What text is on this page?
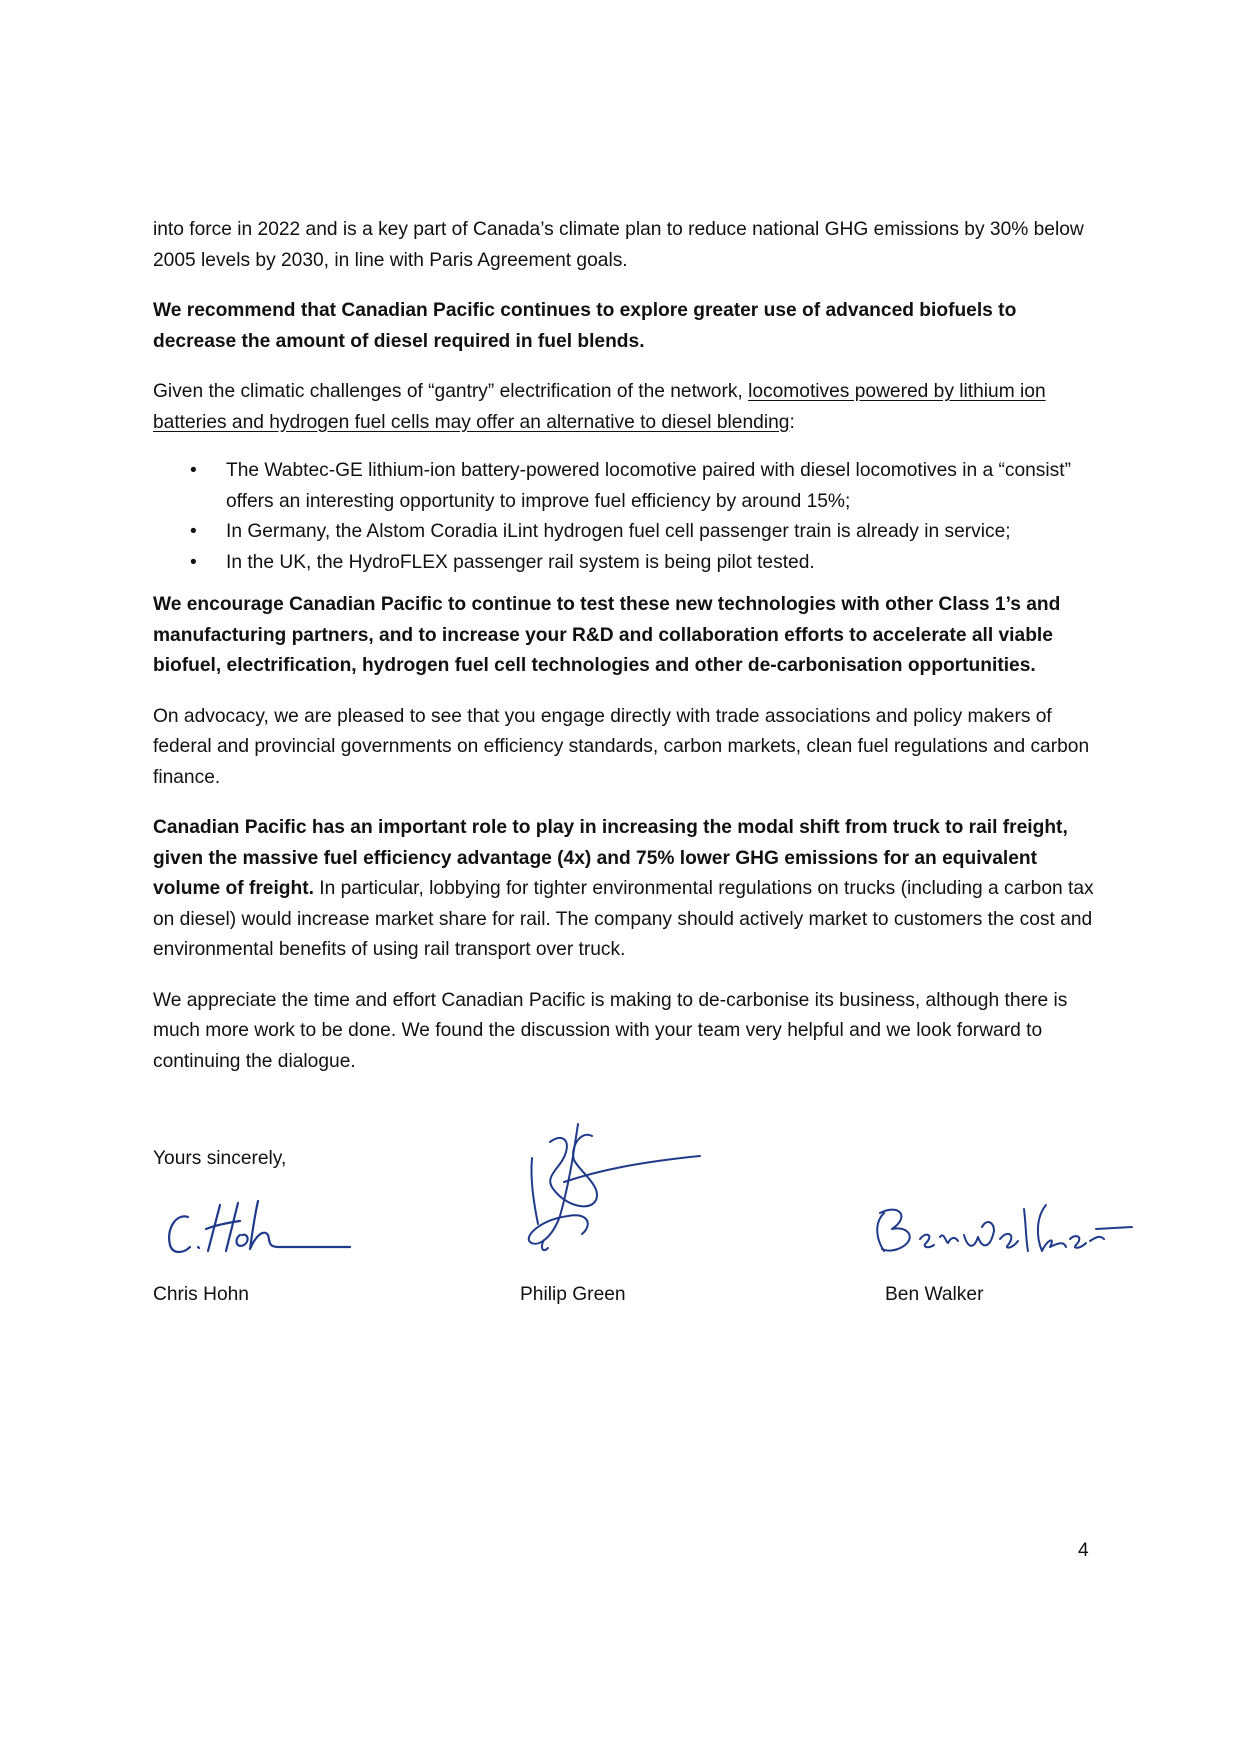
into force in 2022 and is a key part of Canada’s climate plan to reduce national GHG emissions by 30% below 2005 levels by 2030, in line with Paris Agreement goals.

We recommend that Canadian Pacific continues to explore greater use of advanced biofuels to decrease the amount of diesel required in fuel blends.

Given the climatic challenges of “gantry” electrification of the network, locomotives powered by lithium ion batteries and hydrogen fuel cells may offer an alternative to diesel blending:

• The Wabtec-GE lithium-ion battery-powered locomotive paired with diesel locomotives in a “consist” offers an interesting opportunity to improve fuel efficiency by around 15%;
• In Germany, the Alstom Coradia iLint hydrogen fuel cell passenger train is already in service;
• In the UK, the HydroFLEX passenger rail system is being pilot tested.

We encourage Canadian Pacific to continue to test these new technologies with other Class 1’s and manufacturing partners, and to increase your R&D and collaboration efforts to accelerate all viable biofuel, electrification, hydrogen fuel cell technologies and other de-carbonisation opportunities.

On advocacy, we are pleased to see that you engage directly with trade associations and policy makers of federal and provincial governments on efficiency standards, carbon markets, clean fuel regulations and carbon finance.

Canadian Pacific has an important role to play in increasing the modal shift from truck to rail freight, given the massive fuel efficiency advantage (4x) and 75% lower GHG emissions for an equivalent volume of freight. In particular, lobbying for tighter environmental regulations on trucks (including a carbon tax on diesel) would increase market share for rail. The company should actively market to customers the cost and environmental benefits of using rail transport over truck.

We appreciate the time and effort Canadian Pacific is making to de-carbonise its business, although there is much more work to be done. We found the discussion with your team very helpful and we look forward to continuing the dialogue.

Yours sincerely,
Chris Hohn	Philip Green	Ben Walker
4
